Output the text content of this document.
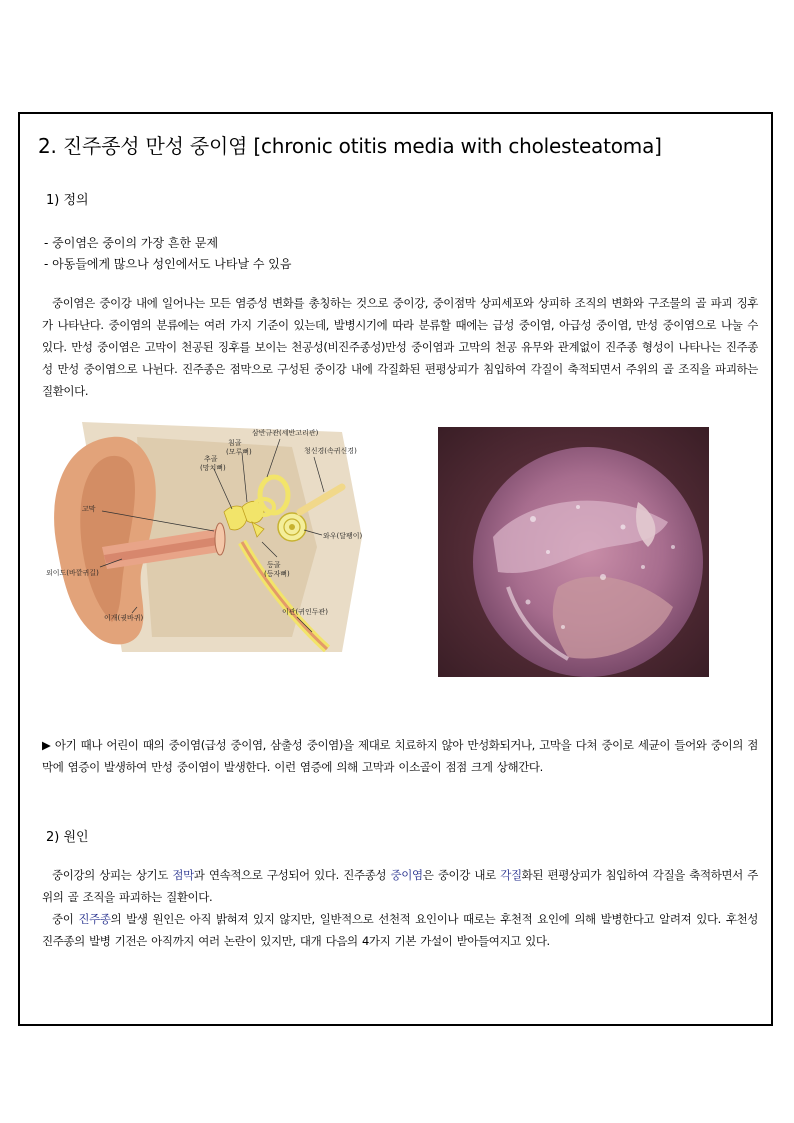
2. 진주종성 만성 중이염 [chronic otitis media with cholesteatoma]
1) 정의

- 중이염은 중이의 가장 흔한 문제

- 아동들에게 많으나 성인에서도 나타날 수 있음

중이염은 중이강 내에 일어나는 모든 염증성 변화를 총칭하는 것으로 중이강, 중이점막 상피세포와 상피하 조직의 변화와 구조물의 골 파괴 징후가 나타난다. 중이염의 분류에는 여러 가지 기준이 있는데, 발병시기에 따라 분류할 때에는 급성 중이염, 아급성 중이염, 만성 중이염으로 나눌 수 있다. 만성 중이염은 고막이 천공된 징후를 보이는 천공성(비진주종성)만성 중이염과 고막의 천공 유무와 관계없이 진주종 형성이 나타나는 진주종성 만성 중이염으로 나뉜다. 진주종은 점막으로 구성된 중이강 내에 각질화된 편평상피가 침입하여 각질이 축적되면서 주위의 골 조직을 파괴하는 질환이다.

삼반규관(세반고리관)
침골
(모루뼈)
추골
(망치뼈)
청신경(속귀신경)
고막
와우(달팽이)
외이도(바깥귀길)
등골
(등자뼈)
이개(귓바퀴)
이관(귀인두관)

▶ 아기 때나 어린이 때의 중이염(급성 중이염, 삼출성 중이염)을 제대로 치료하지 않아 만성화되거나, 고막을 다쳐 중이로 세균이 들어와 중이의 점막에 염증이 발생하여 만성 중이염이 발생한다. 이런 염증에 의해 고막과 이소골이 점점 크게 상해간다.

2) 원인

중이강의 상피는 상기도 점막과 연속적으로 구성되어 있다. 진주종성 중이염은 중이강 내로 각질화된 편평상피가 침입하여 각질을 축적하면서 주위의 골 조직을 파괴하는 질환이다.

중이 진주종의 발생 원인은 아직 밝혀져 있지 않지만, 일반적으로 선천적 요인이나 때로는 후천적 요인에 의해 발병한다고 알려져 있다. 후천성 진주종의 발병 기전은 아직까지 여러 논란이 있지만, 대개 다음의 4가지 기본 가설이 받아들여지고 있다.
